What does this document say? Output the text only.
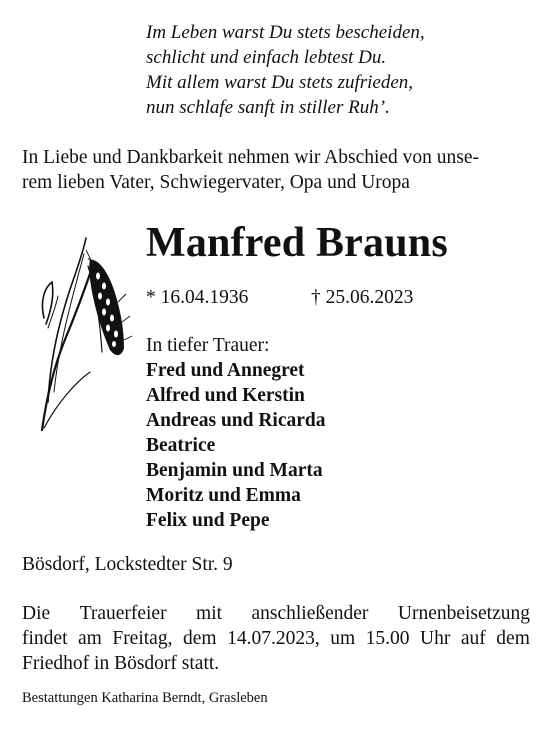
Im Leben warst Du stets bescheiden,
schlicht und einfach lebtest Du.
Mit allem warst Du stets zufrieden,
nun schlafe sanft in stiller Ruh’.
In Liebe und Dankbarkeit nehmen wir Abschied von unse-
rem lieben Vater, Schwiegervater, Opa und Uropa
Manfred Brauns
* 16.04.1936	† 25.06.2023
In tiefer Trauer:
Fred und Annegret
Alfred und Kerstin
Andreas und Ricarda
Beatrice
Benjamin und Marta
Moritz und Emma
Felix und Pepe
Bösdorf, Lockstedter Str. 9
Die Trauerfeier mit anschließender Urnenbeisetzung
findet am Freitag, dem 14.07.2023, um 15.00 Uhr auf dem
Friedhof in Bösdorf statt.
Bestattungen Katharina Berndt, Grasleben
